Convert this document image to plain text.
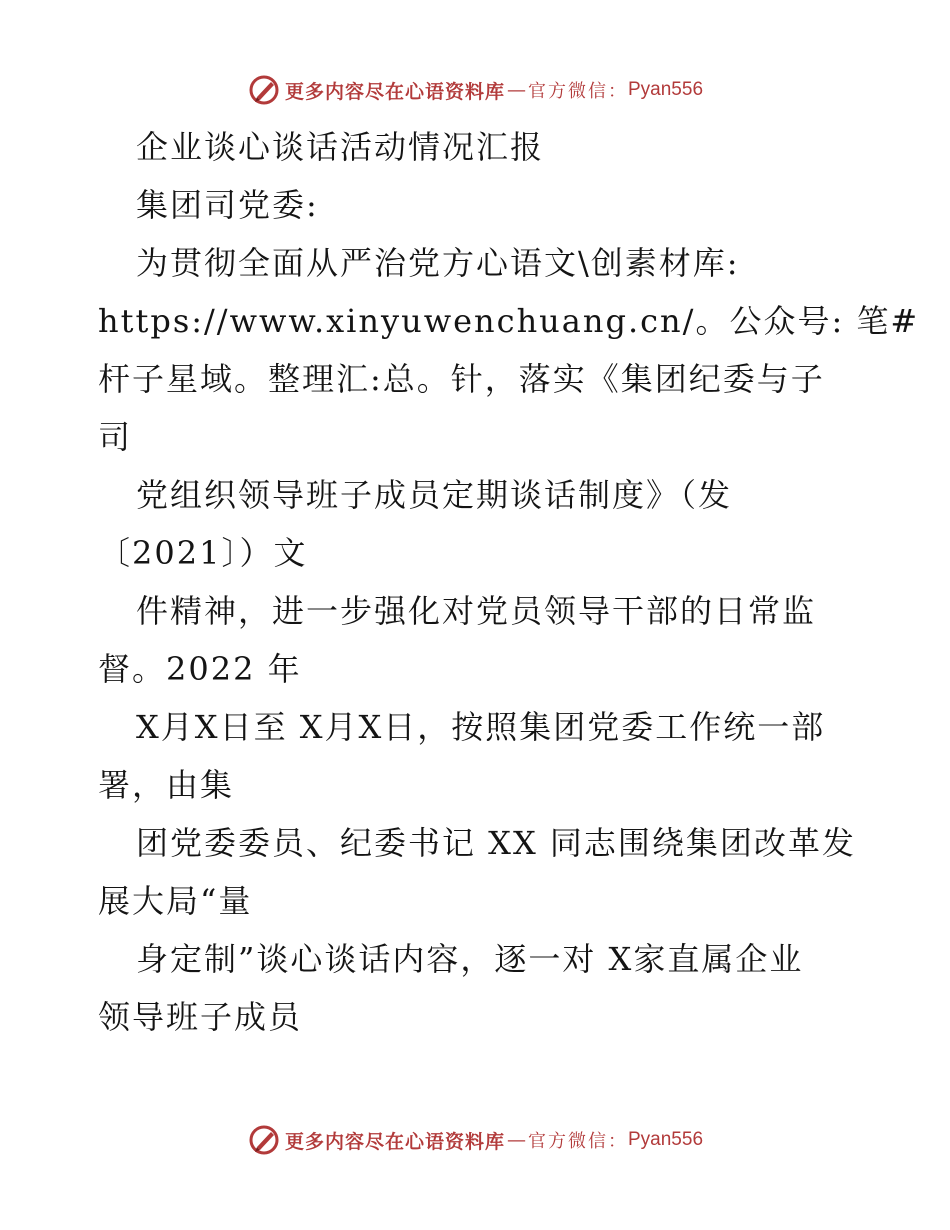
更多内容尽在心语资料库 — 官方微信： Pyan556
企业谈心谈话活动情况汇报
集团司党委:
为贯彻全面从严治党方心语文\创素材库:
https://www.xinyuwenchuang.cn/。公众号: 笔#
杆子星域。整理汇:总。针，落实《集团纪委与子
司
党组织领导班子成员定期谈话制度》（发
〔2021〕）文
件精神，进一步强化对党员领导干部的日常监
督。2022 年
X月X日至 X月X日，按照集团党委工作统一部
署，由集
团党委委员、纪委书记 XX 同志围绕集团改革发
展大局“量
身定制”谈心谈话内容，逐一对 X家直属企业
领导班子成员
更多内容尽在心语资料库 — 官方微信： Pyan556
